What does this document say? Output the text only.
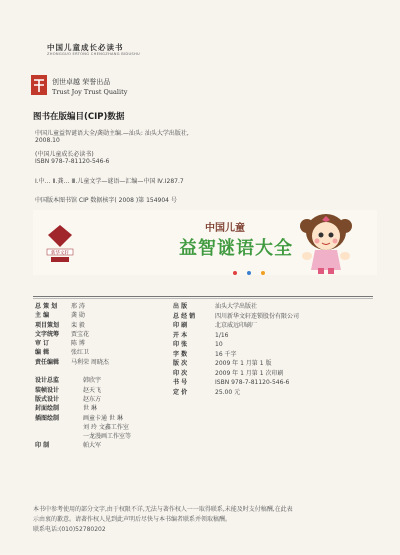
中国儿童成长必读书
ZHONGGUO ERTONG CHENGZHANG BIDUSHU
创世卓越 荣誉出品
Trust Joy Trust Quality
图书在版编目(CIP)数据
中国儿童益智谜语大全/龚勋主编.—汕头: 汕头大学出版社,
2008.10
(中国儿童成长必读书)
ISBN 978-7-81120-546-6
Ⅰ.中… Ⅱ.龚… Ⅲ.儿童文学—谜语—汇编—中国 Ⅳ.I287.7
中国版本图书馆 CIP 数据核字( 2008 )第 154904 号
新华文轩
中国儿童
益智谜语大全

总 策 划	邢 涛
主 编	龚 勋
项目策划	栾 毅
文字统筹	贾宝花
审 订	陈 博
编 辑	张红卫
责任编辑	马利荣 周晓杰
设计总监	韩欣宇
装帧设计	赵天飞
版式设计	赵东方
封面绘制	世 琳
插图绘制	画童卡通 世 琳
刘 玲 文鑫工作室
一龙漫画工作室等
印 制	帕大军
出 版	汕头大学出版社
总 经 销	四川新华文轩连锁股份有限公司
印 刷	北京威远印刷厂
开 本	1/16
印 张	10
字 数	16 千字
版 次	2009 年 1 月第 1 版
印 次	2009 年 1 月第 1 次印刷
书 号	ISBN 978-7-81120-546-6
定 价	25.00 元
本书中参考使用的部分文字,由于权限不详,无法与著作权人一一取得联系,未能及时支付稿酬,在此表
示由衷的歉意。请著作权人见到此声明后尽快与本书编者联系并领取稿酬。
联系电话:(010)52780202
